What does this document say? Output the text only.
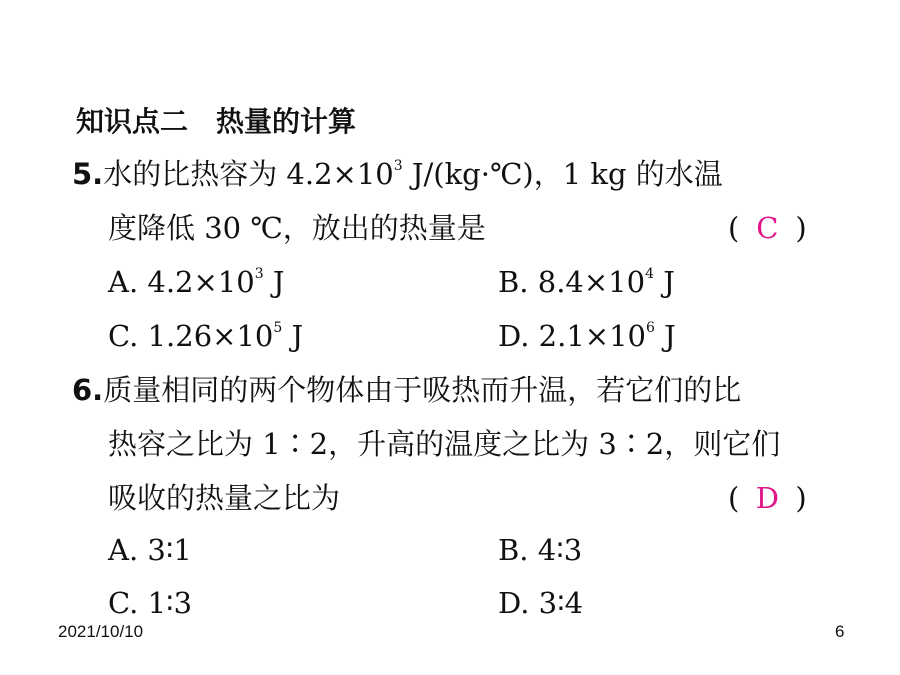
知识点二　热量的计算
5.水的比热容为 $4.2\times 10^3$ J/(kg·℃)，1 kg 的水温
度降低 30 ℃，放出的热量是	( C )
A. $4.2\times 10^3$ J	B. $8.4\times 10^4$ J
C. $1.26\times 10^5$ J	D. $2.1\times 10^6$ J
6.质量相同的两个物体由于吸热而升温，若它们的比
热容之比为 1∶2，升高的温度之比为 3∶2，则它们
吸收的热量之比为	( D )
A. 3∶1	B. 4∶3
C. 1∶3	D. 3∶4
2021/10/10	6
